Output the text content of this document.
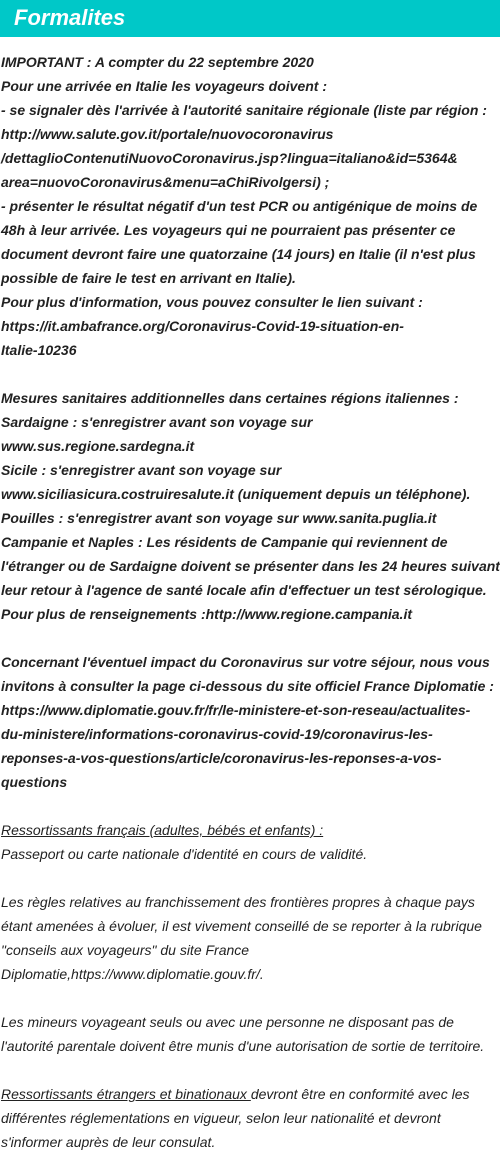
Formalites

IMPORTANT : A compter du 22 septembre 2020

Pour une arrivée en Italie les voyageurs doivent :

- se signaler dès l'arrivée à l'autorité sanitaire régionale (liste par région :

http://www.salute.gov.it/portale/nuovocoronavirus

/dettaglioContenutiNuovoCoronavirus.jsp?lingua=italiano&id=5364&

area=nuovoCoronavirus&menu=aChiRivolgersi) ;

- présenter le résultat négatif d'un test PCR ou antigénique de moins de

48h à leur arrivée. Les voyageurs qui ne pourraient pas présenter ce

document devront faire une quatorzaine (14 jours) en Italie (il n'est plus

possible de faire le test en arrivant en Italie).

Pour plus d'information, vous pouvez consulter le lien suivant :

https://it.ambafrance.org/Coronavirus-Covid-19-situation-en-

Italie-10236

Mesures sanitaires additionnelles dans certaines régions italiennes :

Sardaigne : s'enregistrer avant son voyage sur

www.sus.regione.sardegna.it

Sicile : s'enregistrer avant son voyage sur

www.siciliasicura.costruiresalute.it (uniquement depuis un téléphone).

Pouilles : s'enregistrer avant son voyage sur www.sanita.puglia.it

Campanie et Naples : Les résidents de Campanie qui reviennent de

l'étranger ou de Sardaigne doivent se présenter dans les 24 heures suivant

leur retour à l'agence de santé locale afin d'effectuer un test sérologique.

Pour plus de renseignements :http://www.regione.campania.it

Concernant l'éventuel impact du Coronavirus sur votre séjour, nous vous

invitons à consulter la page ci-dessous du site officiel France Diplomatie :

https://www.diplomatie.gouv.fr/fr/le-ministere-et-son-reseau/actualites-

du-ministere/informations-coronavirus-covid-19/coronavirus-les-

reponses-a-vos-questions/article/coronavirus-les-reponses-a-vos-questions

Ressortissants français (adultes, bébés et enfants) :

Passeport ou carte nationale d'identité en cours de validité.

Les règles relatives au franchissement des frontières propres à chaque pays

étant amenées à évoluer, il est vivement conseillé de se reporter à la rubrique

"conseils aux voyageurs" du site France

Diplomatie,https://www.diplomatie.gouv.fr/.

Les mineurs voyageant seuls ou avec une personne ne disposant pas de

l'autorité parentale doivent être munis d'une autorisation de sortie de territoire.

Ressortissants étrangers et binationaux devront être en conformité avec les

différentes réglementations en vigueur, selon leur nationalité et devront

s'informer auprès de leur consulat.
